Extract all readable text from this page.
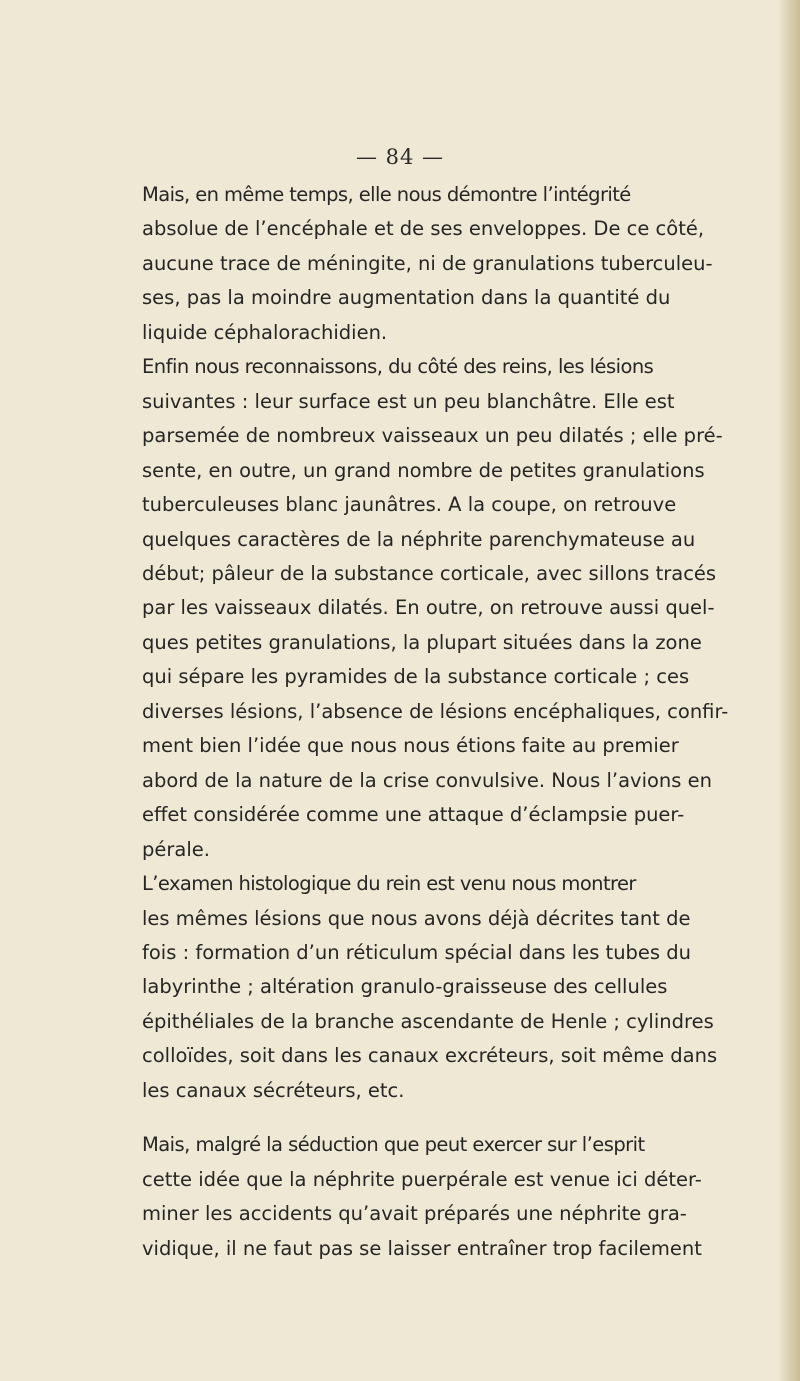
— 84 —

Mais, en même temps, elle nous démontre l’intégrité
absolue de l’encéphale et de ses enveloppes. De ce côté,
aucune trace de méningite, ni de granulations tuberculeu-
ses, pas la moindre augmentation dans la quantité du
liquide céphalorachidien.

Enfin nous reconnaissons, du côté des reins, les lésions
suivantes : leur surface est un peu blanchâtre. Elle est
parsemée de nombreux vaisseaux un peu dilatés ; elle pré-
sente, en outre, un grand nombre de petites granulations
tuberculeuses blanc jaunâtres. A la coupe, on retrouve
quelques caractères de la néphrite parenchymateuse au
début; pâleur de la substance corticale, avec sillons tracés
par les vaisseaux dilatés. En outre, on retrouve aussi quel-
ques petites granulations, la plupart situées dans la zone
qui sépare les pyramides de la substance corticale ; ces
diverses lésions, l’absence de lésions encéphaliques, confir-
ment bien l’idée que nous nous étions faite au premier
abord de la nature de la crise convulsive. Nous l’avions en
effet considérée comme une attaque d’éclampsie puer-
pérale.

L’examen histologique du rein est venu nous montrer
les mêmes lésions que nous avons déjà décrites tant de
fois : formation d’un réticulum spécial dans les tubes du
labyrinthe ; altération granulo-graisseuse des cellules
épithéliales de la branche ascendante de Henle ; cylindres
colloïdes, soit dans les canaux excréteurs, soit même dans
les canaux sécréteurs, etc.

Mais, malgré la séduction que peut exercer sur l’esprit
cette idée que la néphrite puerpérale est venue ici déter-
miner les accidents qu’avait préparés une néphrite gra-
vidique, il ne faut pas se laisser entraîner trop facilement
